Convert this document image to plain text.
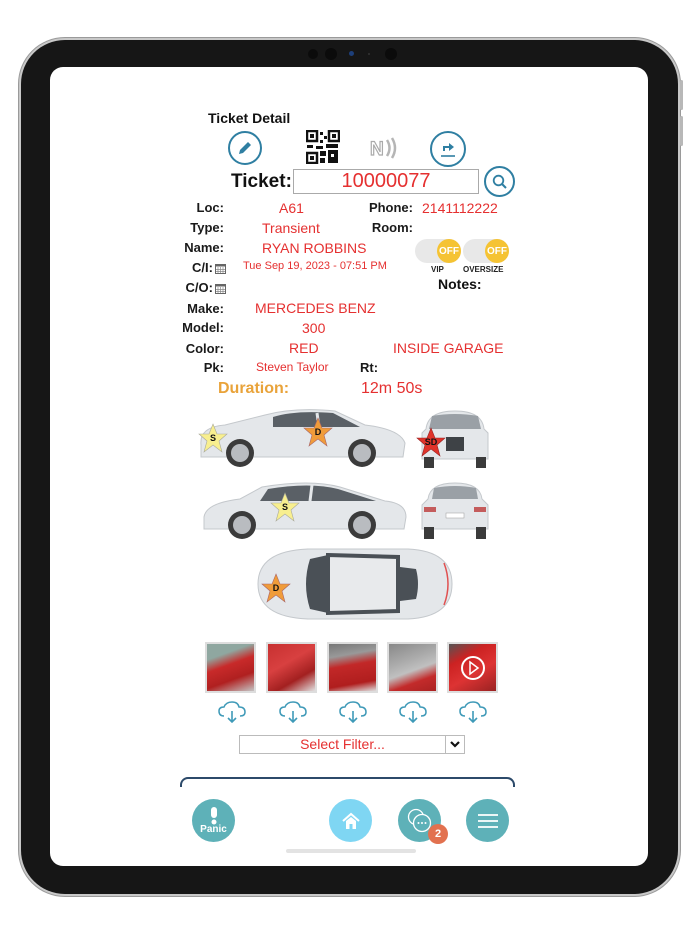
Ticket Detail
N
Ticket:	10000077
Loc:	A61	Phone: 2141112222
Type:	Transient	Room:
Name:	RYAN ROBBINS
C/I:	Tue Sep 19, 2023 - 07:51 PM
C/O:
OFF
VIP
OFF
OVERSIZE
Notes:
Make: MERCEDES BENZ
Model:	300
Color:	RED	INSIDE GARAGE
Pk:	Steven Taylor Rt:
Duration:	12m 50s
S
D
SD
S
D
Select Filter...
Panic	2
